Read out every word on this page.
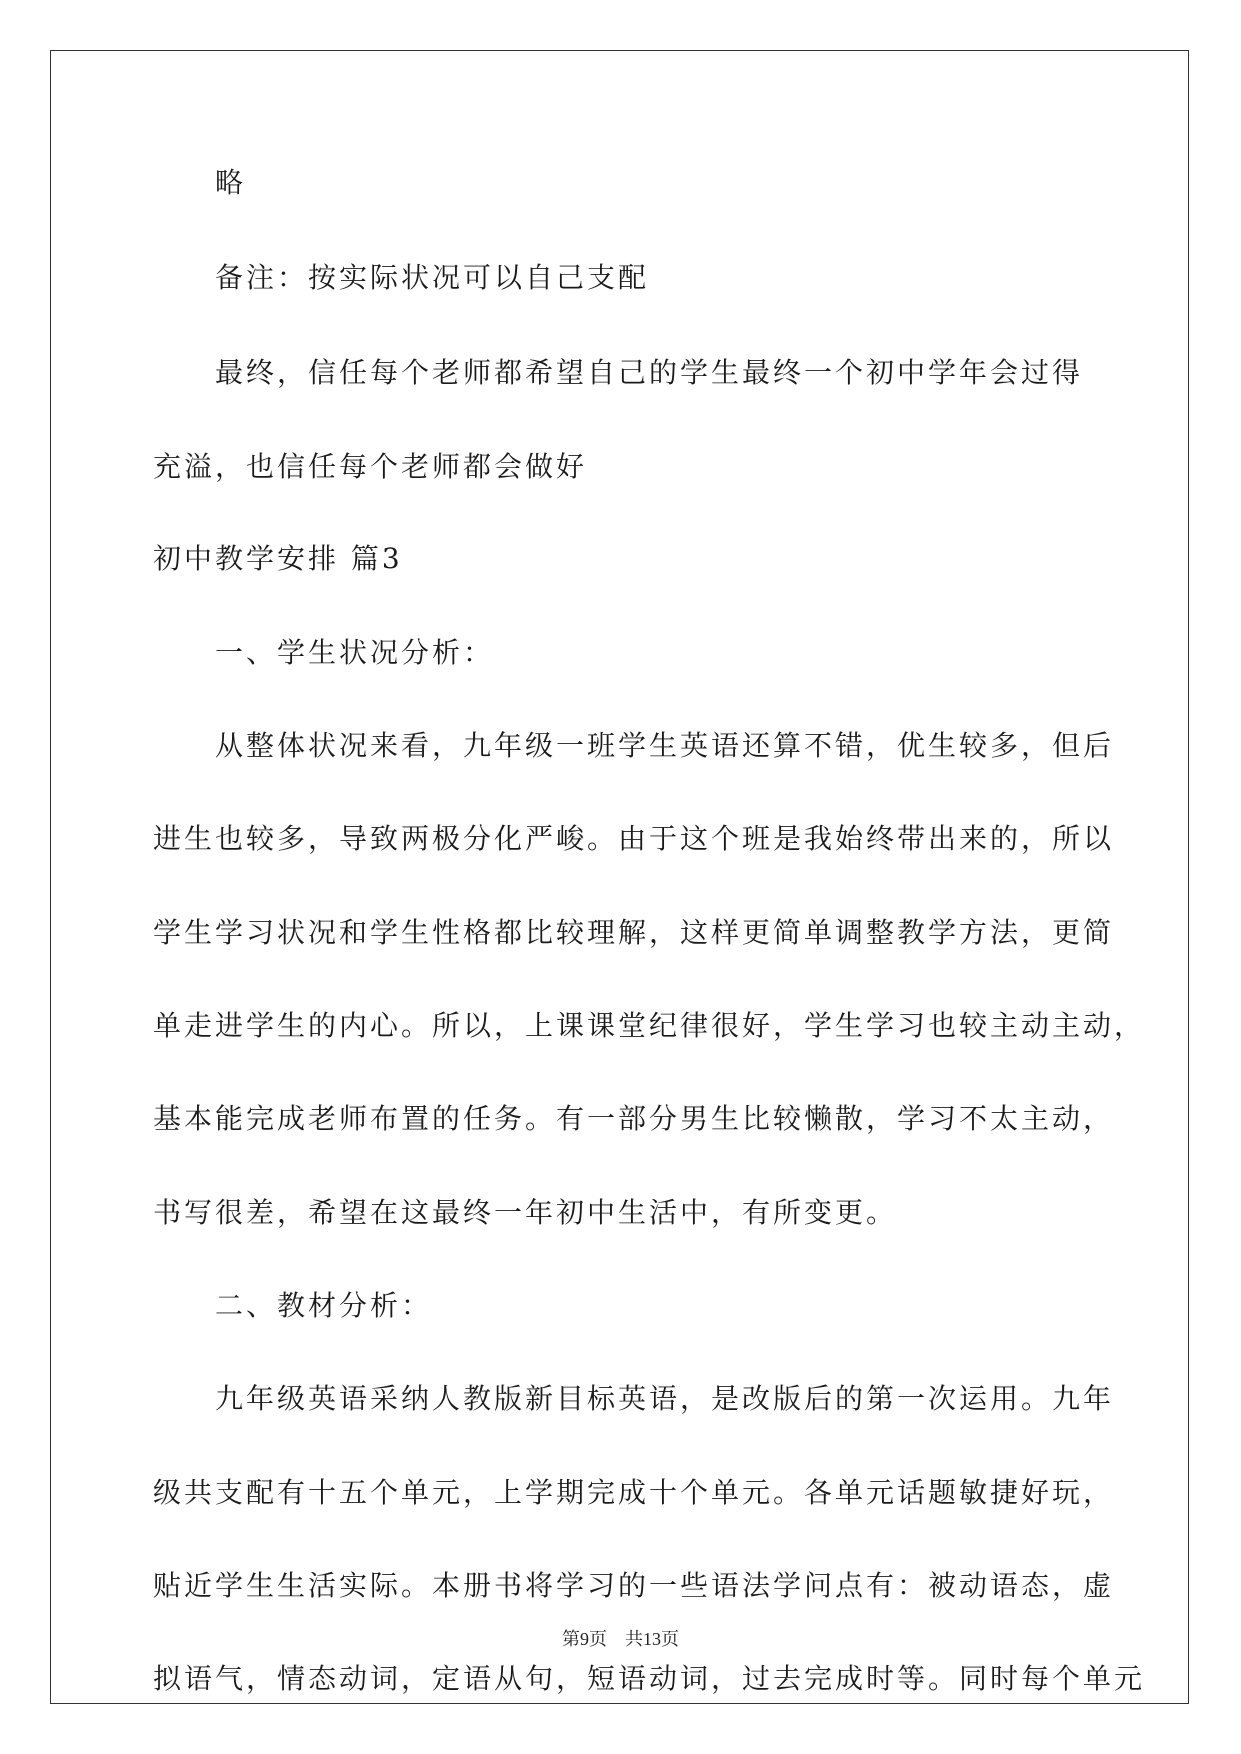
略
备注：按实际状况可以自己支配
最终，信任每个老师都希望自己的学生最终一个初中学年会过得
充溢，也信任每个老师都会做好
初中教学安排 篇3
一、学生状况分析：
从整体状况来看，九年级一班学生英语还算不错，优生较多，但后
进生也较多，导致两极分化严峻。由于这个班是我始终带出来的，所以
学生学习状况和学生性格都比较理解，这样更简单调整教学方法，更简
单走进学生的内心。所以，上课课堂纪律很好，学生学习也较主动主动，
基本能完成老师布置的任务。有一部分男生比较懒散，学习不太主动，
书写很差，希望在这最终一年初中生活中，有所变更。
二、教材分析：
九年级英语采纳人教版新目标英语，是改版后的第一次运用。九年
级共支配有十五个单元，上学期完成十个单元。各单元话题敏捷好玩，
贴近学生生活实际。本册书将学习的一些语法学问点有：被动语态，虚
拟语气，情态动词，定语从句，短语动词，过去完成时等。同时每个单元
第9页 共13页
